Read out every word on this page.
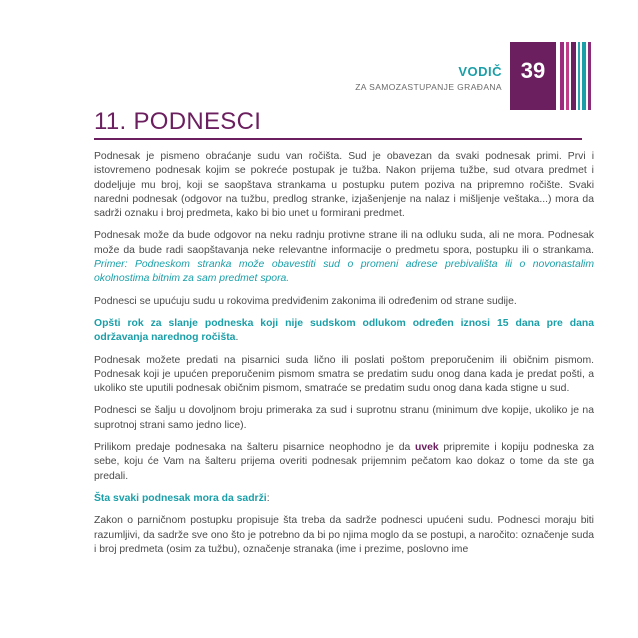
VODIČ
ZA SAMOZASTUPANJE GRAĐANA
39
11. PODNESCI

Podnesak je pismeno obraćanje sudu van ročišta. Sud je obavezan da svaki podnesak primi. Prvi i istovremeno podnesak kojim se pokreće postupak je tužba. Nakon prijema tužbe, sud otvara predmet i dodeljuje mu broj, koji se saopštava strankama u postupku putem poziva na pripremno ročište. Svaki naredni podnesak (odgovor na tužbu, predlog stranke, izjašenjenje na nalaz i mišljenje veštaka...) mora da sadrži oznaku i broj predmeta, kako bi bio unet u formirani predmet.

Podnesak može da bude odgovor na neku radnju protivne strane ili na odluku suda, ali ne mora. Podnesak može da bude radi saopštavanja neke relevantne informacije o predmetu spora, postupku ili o strankama. Primer: Podneskom stranka može obavestiti sud o promeni adrese prebivališta ili o novonastalim okolnostima bitnim za sam predmet spora.

Podnesci se upućuju sudu u rokovima predviđenim zakonima ili određenim od strane sudije.

Opšti rok za slanje podneska koji nije sudskom odlukom određen iznosi 15 dana pre dana održavanja narednog ročišta.

Podnesak možete predati na pisarnici suda lično ili poslati poštom preporučenim ili običnim pismom. Podnesak koji je upućen preporučenim pismom smatra se predatim sudu onog dana kada je predat pošti, a ukoliko ste uputili podnesak običnim pismom, smatraće se predatim sudu onog dana kada stigne u sud.

Podnesci se šalju u dovoljnom broju primeraka za sud i suprotnu stranu (minimum dve kopije, ukoliko je na suprotnoj strani samo jedno lice).

Prilikom predaje podnesaka na šalteru pisarnice neophodno je da uvek pripremite i kopiju podneska za sebe, koju će Vam na šalteru prijema overiti podnesak prijemnim pečatom kao dokaz o tome da ste ga predali.

Šta svaki podnesak mora da sadrži:

Zakon o parničnom postupku propisuje šta treba da sadrže podnesci upućeni sudu. Podnesci moraju biti razumljivi, da sadrže sve ono što je potrebno da bi po njima moglo da se postupi, a naročito: označenje suda i broj predmeta (osim za tužbu), označenje stranaka (ime i prezime, poslovno ime
